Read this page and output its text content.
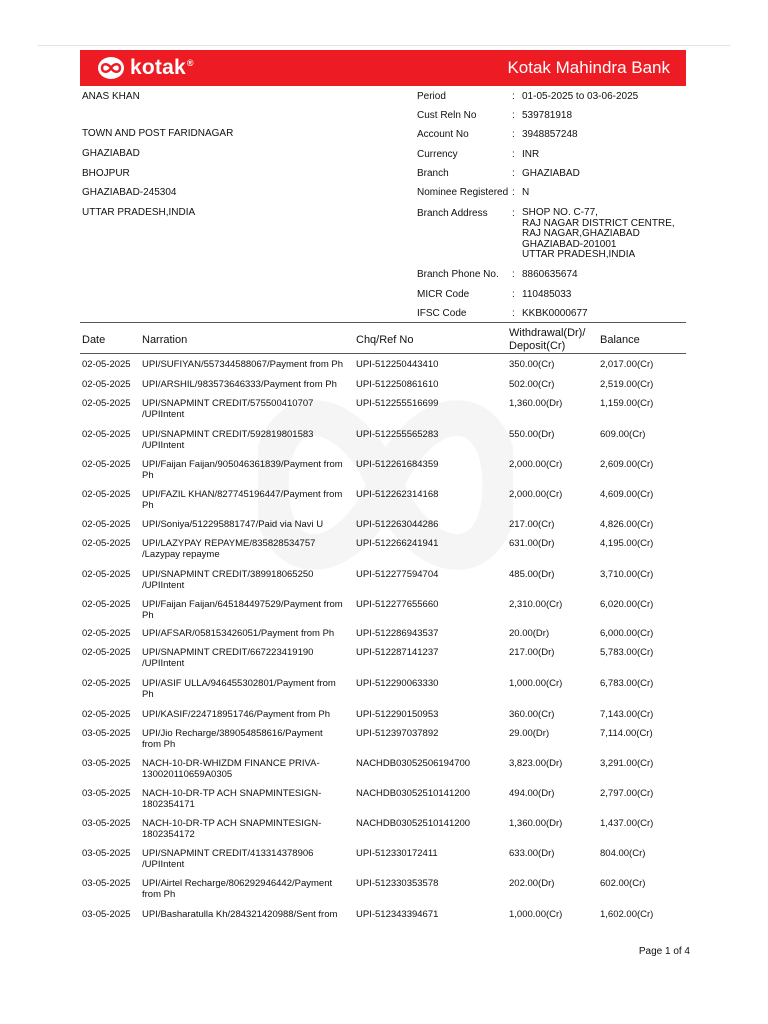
kotak®	Kotak Mahindra Bank
ANAS KHAN
TOWN AND POST FARIDNAGAR
GHAZIABAD
BHOJPUR
GHAZIABAD-245304
UTTAR PRADESH,INDIA
Period	: 01-05-2025 to 03-06-2025
Cust Reln No	: 539781918
Account No	: 3948857248
Currency	: INR
Branch	: GHAZIABAD
Nominee Registered : N
Branch Address : SHOP NO. C-77,
RAJ NAGAR DISTRICT CENTRE,
RAJ NAGAR,GHAZIABAD
GHAZIABAD-201001
UTTAR PRADESH,INDIA
Branch Phone No. : 8860635674
MICR Code	: 110485033
IFSC Code	: KKBK0000677
Date	Narration	Chq/Ref No
Withdrawal(Dr)/
Deposit(Cr)	Balance
02-05-2025 UPI/SUFIYAN/557344588067/Payment from Ph	UPI-512250443410	350.00(Cr)	2,017.00(Cr)
02-05-2025 UPI/ARSHIL/983573646333/Payment from Ph	UPI-512250861610	502.00(Cr)	2,519.00(Cr)
02-05-2025 UPI/SNAPMINT CREDIT/575500410707
/UPIIntent
UPI-512255516699	1,360.00(Dr)	1,159.00(Cr)
02-05-2025 UPI/SNAPMINT CREDIT/592819801583
/UPIIntent
UPI-512255565283	550.00(Dr)	609.00(Cr)
02-05-2025 UPI/Faijan Faijan/905046361839/Payment from
Ph
UPI-512261684359	2,000.00(Cr)	2,609.00(Cr)
02-05-2025 UPI/FAZIL KHAN/827745196447/Payment from
Ph
UPI-512262314168	2,000.00(Cr)	4,609.00(Cr)
02-05-2025 UPI/Soniya/512295881747/Paid via Navi U	UPI-512263044286	217.00(Cr)	4,826.00(Cr)
02-05-2025 UPI/LAZYPAY REPAYME/835828534757
/Lazypay repayme
UPI-512266241941	631.00(Dr)	4,195.00(Cr)
02-05-2025 UPI/SNAPMINT CREDIT/389918065250
/UPIIntent
UPI-512277594704	485.00(Dr)	3,710.00(Cr)
02-05-2025 UPI/Faijan Faijan/645184497529/Payment from
Ph
UPI-512277655660	2,310.00(Cr)	6,020.00(Cr)
02-05-2025 UPI/AFSAR/058153426051/Payment from Ph	UPI-512286943537	20.00(Dr)	6,000.00(Cr)
02-05-2025 UPI/SNAPMINT CREDIT/667223419190
/UPIIntent
UPI-512287141237	217.00(Dr)	5,783.00(Cr)
02-05-2025 UPI/ASIF ULLA/946455302801/Payment from
Ph
UPI-512290063330	1,000.00(Cr)	6,783.00(Cr)
02-05-2025 UPI/KASIF/224718951746/Payment from Ph	UPI-512290150953	360.00(Cr)	7,143.00(Cr)
03-05-2025 UPI/Jio Recharge/389054858616/Payment
from Ph
UPI-512397037892	29.00(Dr)	7,114.00(Cr)
03-05-2025 NACH-10-DR-WHIZDM FINANCE PRIVA-
130020110659A0305
NACHDB03052506194700	3,823.00(Dr)	3,291.00(Cr)
03-05-2025 NACH-10-DR-TP ACH SNAPMINTESIGN-
1802354171
NACHDB03052510141200	494.00(Dr)	2,797.00(Cr)
03-05-2025 NACH-10-DR-TP ACH SNAPMINTESIGN-
1802354172
NACHDB03052510141200	1,360.00(Dr)	1,437.00(Cr)
03-05-2025 UPI/SNAPMINT CREDIT/413314378906
/UPIIntent
UPI-512330172411	633.00(Dr)	804.00(Cr)
03-05-2025 UPI/Airtel Recharge/806292946442/Payment
from Ph
UPI-512330353578	202.00(Dr)	602.00(Cr)
03-05-2025 UPI/Basharatulla Kh/284321420988/Sent from	UPI-512343394671	1,000.00(Cr)	1,602.00(Cr)
Page 1 of 4
